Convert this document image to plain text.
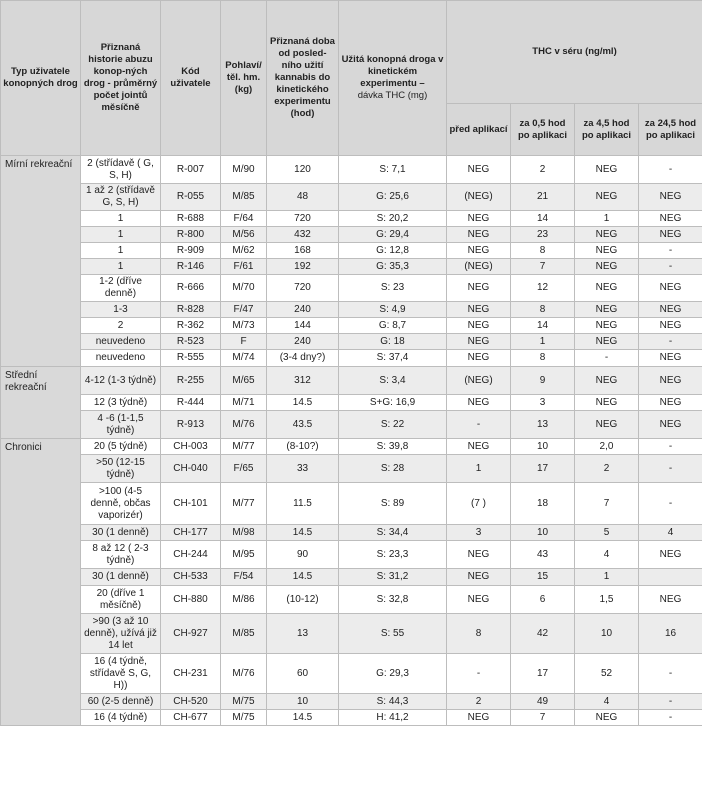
Typ uživatele konopných drog	Přiznaná historie abuzu konop-ných drog - průměrný počet jointů měsíčně	Kód uživatele	Pohlaví/ těl. hm. (kg)	Přiznaná doba od posled-ního užití kannabis do kinetického experimentu (hod)	Užitá konopná droga v kinetickém experimentu –
dávka THC (mg)	THC v séru (ng/ml)			
						před aplikací	za 0,5 hod po aplikaci	za 4,5 hod po aplikaci	za 24,5 hod po aplikaci
Mírní rekreační	2 (střídavě ( G, S, H)	R-007	M/90	120	S: 7,1	NEG	2	NEG	-
	1 až 2 (střídavě G, S, H)	R-055	M/85	48	G: 25,6	(NEG)	21	NEG	NEG
	1	R-688	F/64	720	S: 20,2	NEG	14	1	NEG
	1	R-800	M/56	432	G: 29,4	NEG	23	NEG	NEG
	1	R-909	M/62	168	G: 12,8	NEG	8	NEG	-
	1	R-146	F/61	192	G: 35,3	(NEG)	7	NEG	-
	1-2 (dříve denně)	R-666	M/70	720	S: 23	NEG	12	NEG	NEG
	1-3	R-828	F/47	240	S: 4,9	NEG	8	NEG	NEG
	2	R-362	M/73	144	G: 8,7	NEG	14	NEG	NEG
	neuvedeno	R-523	F	240	G: 18	NEG	1	NEG	-
	neuvedeno	R-555	M/74	(3-4 dny?)	S: 37,4	NEG	8	-	NEG
Střední rekreační	4-12 (1-3 týdně)	R-255	M/65	312	S: 3,4	(NEG)	9	NEG	NEG
	12 (3 týdně)	R-444	M/71	14.5	S+G: 16,9	NEG	3	NEG	NEG
	4 -6 (1-1,5 týdně)	R-913	M/76	43.5	S: 22	-	13	NEG	NEG
Chronici	20 (5 týdně)	CH-003	M/77	(8-10?)	S: 39,8	NEG	10	2,0	-
	>50 (12-15 týdně)	CH-040	F/65	33	S: 28	1	17	2	-
	>100 (4-5 denně, občas vaporizér)	CH-101	M/77	11.5	S: 89	(7 )	18	7	-
	30 (1 denně)	CH-177	M/98	14.5	S: 34,4	3	10	5	4
	8 až 12 ( 2-3 týdně)	CH-244	M/95	90	S: 23,3	NEG	43	4	NEG
	30 (1 denně)	CH-533	F/54	14.5	S: 31,2	NEG	15	1	
	20 (dříve 1 měsíčně)	CH-880	M/86	(10-12)	S: 32,8	NEG	6	1,5	NEG
	>90 (3 až 10 denně), užívá již 14 let	CH-927	M/85	13	S: 55	8	42	10	16
	16 (4 týdně, střídavě S, G, H))	CH-231	M/76	60	G: 29,3	-	17	52	-
	60 (2-5 denně)	CH-520	M/75	10	S: 44,3	2	49	4	-
	16 (4 týdně)	CH-677	M/75	14.5	H: 41,2	NEG	7	NEG	-
